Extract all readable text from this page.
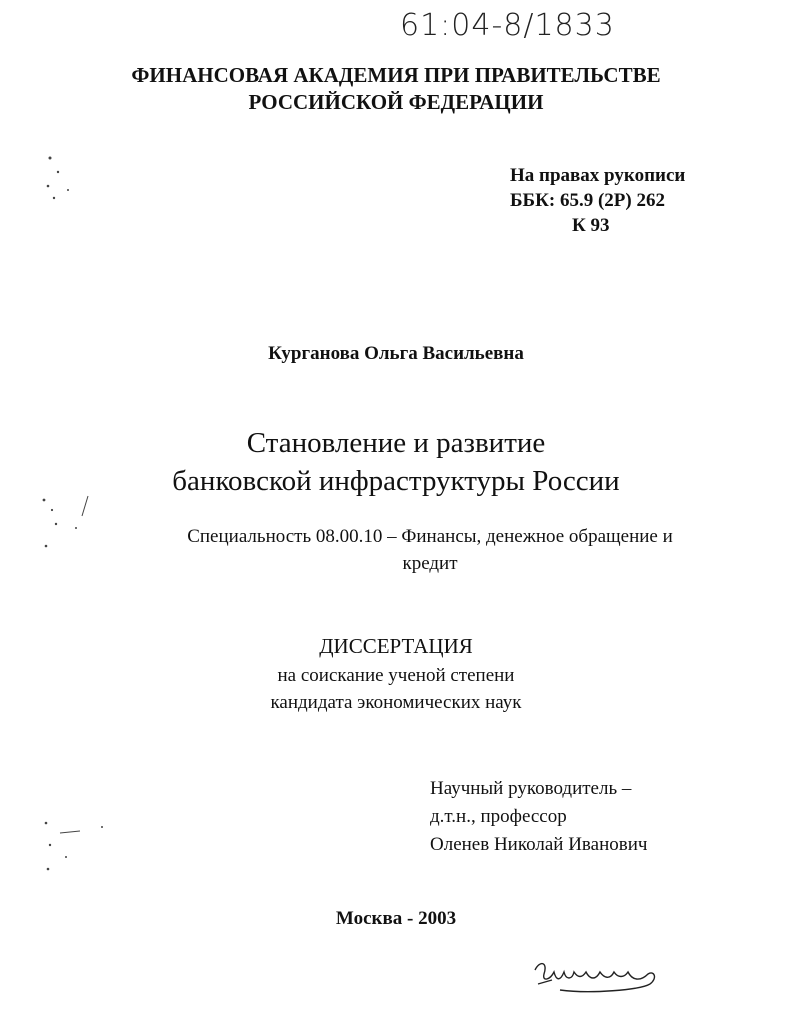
61:04-8/1833
ФИНАНСОВАЯ АКАДЕМИЯ ПРИ ПРАВИТЕЛЬСТВЕ
РОССИЙСКОЙ ФЕДЕРАЦИИ
На правах рукописи
ББК: 65.9 (2Р) 262
К 93
Курганова Ольга Васильевна
Становление и развитие
банковской инфраструктуры России
Специальность 08.00.10 – Финансы, денежное обращение и
кредит
ДИССЕРТАЦИЯ
на соискание ученой степени
кандидата экономических наук
Научный руководитель –
д.т.н., профессор
Оленев Николай Иванович
Москва - 2003
